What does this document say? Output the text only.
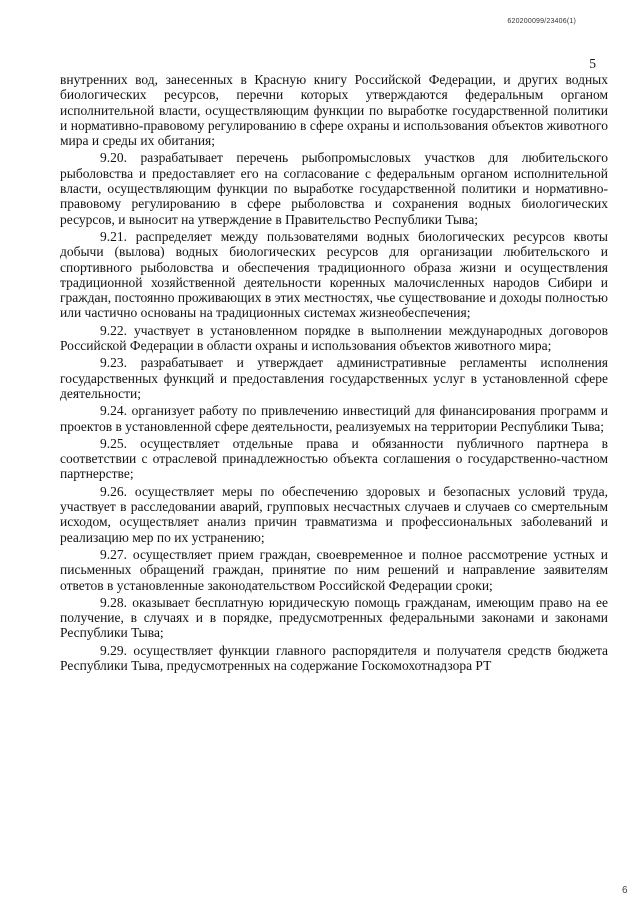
620200099/23406(1)
5

внутренних вод, занесенных в Красную книгу Российской Федерации, и других водных биологических ресурсов, перечни которых утверждаются федеральным органом исполнительной власти, осуществляющим функции по выработке государственной политики и нормативно-правовому регулированию в сфере охраны и использования объектов животного мира и среды их обитания;

9.20. разрабатывает перечень рыбопромысловых участков для любительского рыболовства и предоставляет его на согласование с федеральным органом исполнительной власти, осуществляющим функции по выработке государственной политики и нормативно-правовому регулированию в сфере рыболовства и сохранения водных биологических ресурсов, и выносит на утверждение в Правительство Республики Тыва;

9.21. распределяет между пользователями водных биологических ресурсов квоты добычи (вылова) водных биологических ресурсов для организации любительского и спортивного рыболовства и обеспечения традиционного образа жизни и осуществления традиционной хозяйственной деятельности коренных малочисленных народов Сибири и граждан, постоянно проживающих в этих местностях, чье существование и доходы полностью или частично основаны на традиционных системах жизнеобеспечения;

9.22. участвует в установленном порядке в выполнении международных договоров Российской Федерации в области охраны и использования объектов животного мира;

9.23. разрабатывает и утверждает административные регламенты исполнения государственных функций и предоставления государственных услуг в установленной сфере деятельности;

9.24. организует работу по привлечению инвестиций для финансирования программ и проектов в установленной сфере деятельности, реализуемых на территории Республики Тыва;

9.25. осуществляет отдельные права и обязанности публичного партнера в соответствии с отраслевой принадлежностью объекта соглашения о государственно-частном партнерстве;

9.26. осуществляет меры по обеспечению здоровых и безопасных условий труда, участвует в расследовании аварий, групповых несчастных случаев и случаев со смертельным исходом, осуществляет анализ причин травматизма и профессиональных заболеваний и реализацию мер по их устранению;

9.27. осуществляет прием граждан, своевременное и полное рассмотрение устных и письменных обращений граждан, принятие по ним решений и направление заявителям ответов в установленные законодательством Российской Федерации сроки;

9.28. оказывает бесплатную юридическую помощь гражданам, имеющим право на ее получение, в случаях и в порядке, предусмотренных федеральными законами и законами Республики Тыва;

9.29. осуществляет функции главного распорядителя и получателя средств бюджета Республики Тыва, предусмотренных на содержание Госкомохотнадзора РТ

6
